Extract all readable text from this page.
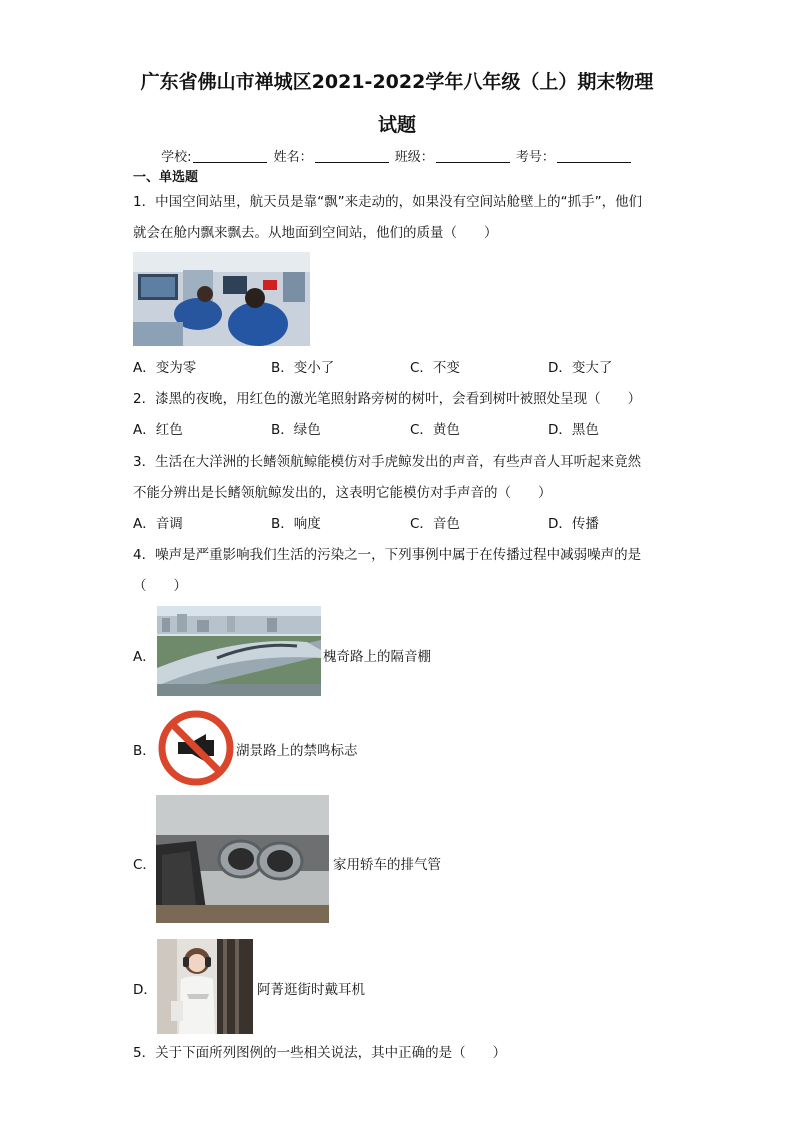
广东省佛山市禅城区2021-2022学年八年级（上）期末物理
试题
学校:	姓名：	班级：	考号：
一、单选题
1．中国空间站里，航天员是靠“飘”来走动的，如果没有空间站舱壁上的“抓手”，他们
就会在舱内飘来飘去。从地面到空间站，他们的质量（　　）
A．变为零	B．变小了	C．不变	D．变大了
2．漆黑的夜晚，用红色的激光笔照射路旁树的树叶，会看到树叶被照处呈现（　　）
A．红色	B．绿色	C．黄色	D．黑色
3．生活在大洋洲的长鳍领航鲸能模仿对手虎鲸发出的声音，有些声音人耳听起来竟然
不能分辨出是长鳍领航鲸发出的，这表明它能模仿对手声音的（　　）
A．音调	B．响度	C．音色	D．传播
4．噪声是严重影响我们生活的污染之一，下列事例中属于在传播过程中减弱噪声的是
（　　）
A．	槐奇路上的隔音棚
B．	湖景路上的禁鸣标志
C．	家用轿车的排气管
D．	阿菁逛街时戴耳机
5．关于下面所列图例的一些相关说法，其中正确的是（　　）
